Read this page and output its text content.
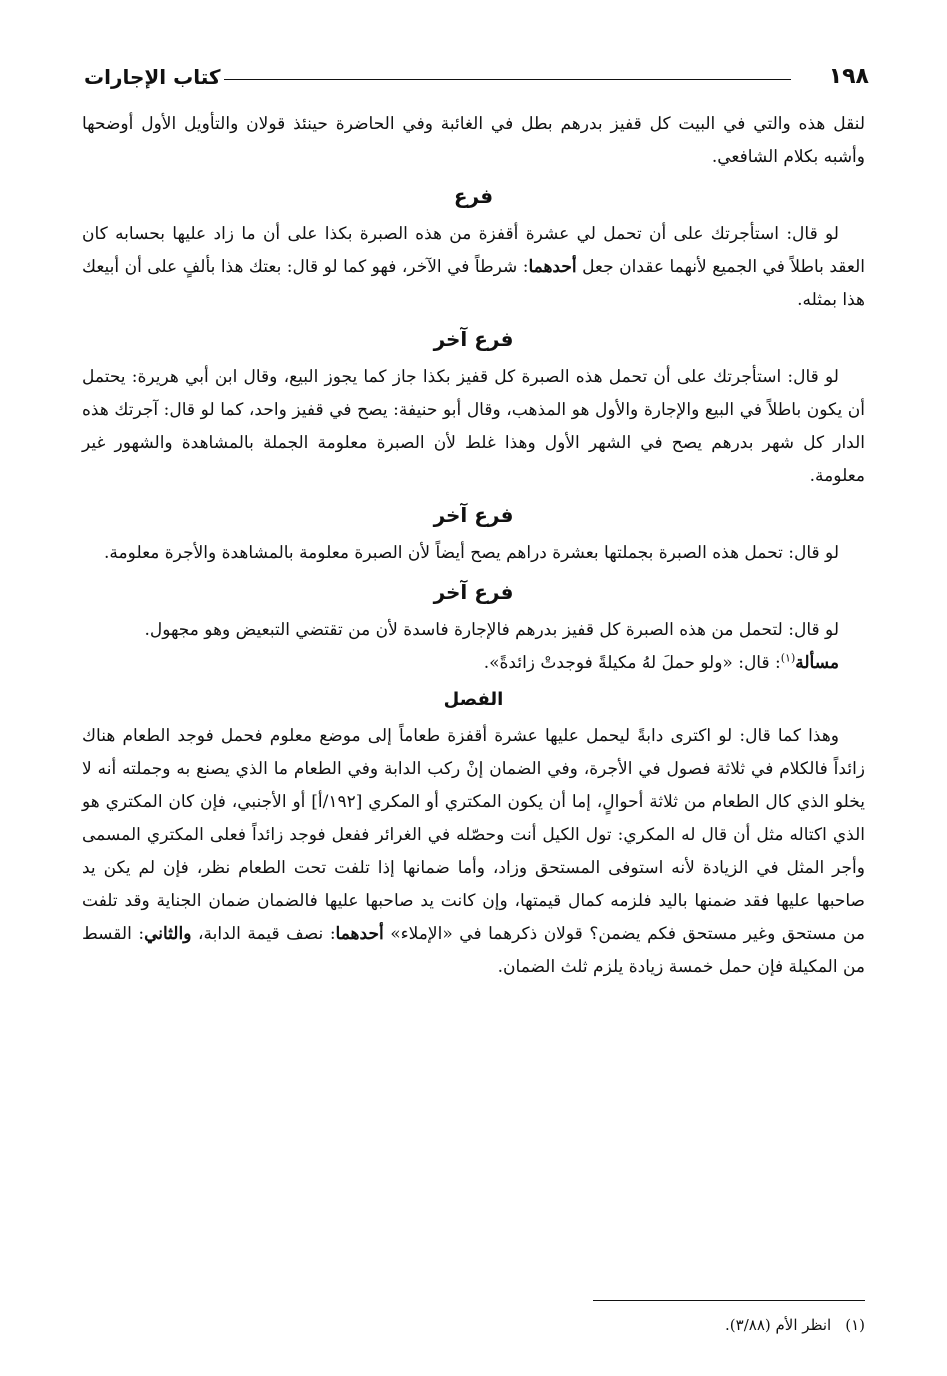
١٩٨
كتاب الإجارات

لنقل هذه والتي في البيت كل قفيز بدرهم بطل في الغائبة وفي الحاضرة حينئذ قولان والتأويل الأول أوضحها وأشبه بكلام الشافعي.

فرع

لو قال: استأجرتك على أن تحمل لي عشرة أقفزة من هذه الصبرة بكذا على أن ما زاد عليها بحسابه كان العقد باطلاً في الجميع لأنهما عقدان جعل أحدهما: شرطاً في الآخر، فهو كما لو قال: بعتك هذا بألفٍ على أن أبيعك هذا بمثله.

فرع آخر

لو قال: استأجرتك على أن تحمل هذه الصبرة كل قفيز بكذا جاز كما يجوز البيع، وقال ابن أبي هريرة: يحتمل أن يكون باطلاً في البيع والإجارة والأول هو المذهب، وقال أبو حنيفة: يصح في قفيز واحد، كما لو قال: آجرتك هذه الدار كل شهر بدرهم يصح في الشهر الأول وهذا غلط لأن الصبرة معلومة الجملة بالمشاهدة والشهور غير معلومة.

فرع آخر

لو قال: تحمل هذه الصبرة بجملتها بعشرة دراهم يصح أيضاً لأن الصبرة معلومة بالمشاهدة والأجرة معلومة.

فرع آخر

لو قال: لتحمل من هذه الصبرة كل قفيز بدرهم فالإجارة فاسدة لأن من تقتضي التبعيض وهو مجهول.

مسألة$^{(١)}$: قال: «ولو حملَ لهُ مكيلةً فوجدتْ زائدةً».

الفصل

وهذا كما قال: لو اكترى دابةً ليحمل عليها عشرة أقفزة طعاماً إلى موضع معلوم فحمل فوجد الطعام هناك زائداً فالكلام في ثلاثة فصول في الأجرة، وفي الضمان إنْ ركب الدابة وفي الطعام ما الذي يصنع به وجملته أنه لا يخلو الذي كال الطعام من ثلاثة أحوالٍ، إما أن يكون المكتري أو المكري [١٩٢/أ] أو الأجنبي، فإن كان المكتري هو الذي اكتاله مثل أن قال له المكري: تول الكيل أنت وحصّله في الغرائر ففعل فوجد زائداً فعلى المكتري المسمى وأجر المثل في الزيادة لأنه استوفى المستحق وزاد، وأما ضمانها إذا تلفت تحت الطعام نظر، فإن لم يكن يد صاحبها عليها فقد ضمنها باليد فلزمه كمال قيمتها، وإن كانت يد صاحبها عليها فالضمان ضمان الجناية وقد تلفت من مستحق وغير مستحق فكم يضمن؟ قولان ذكرهما في «الإملاء» أحدهما: نصف قيمة الدابة، والثاني: القسط من المكيلة فإن حمل خمسة زيادة يلزم ثلث الضمان.

(١)انظر الأم (٣/٨٨).
